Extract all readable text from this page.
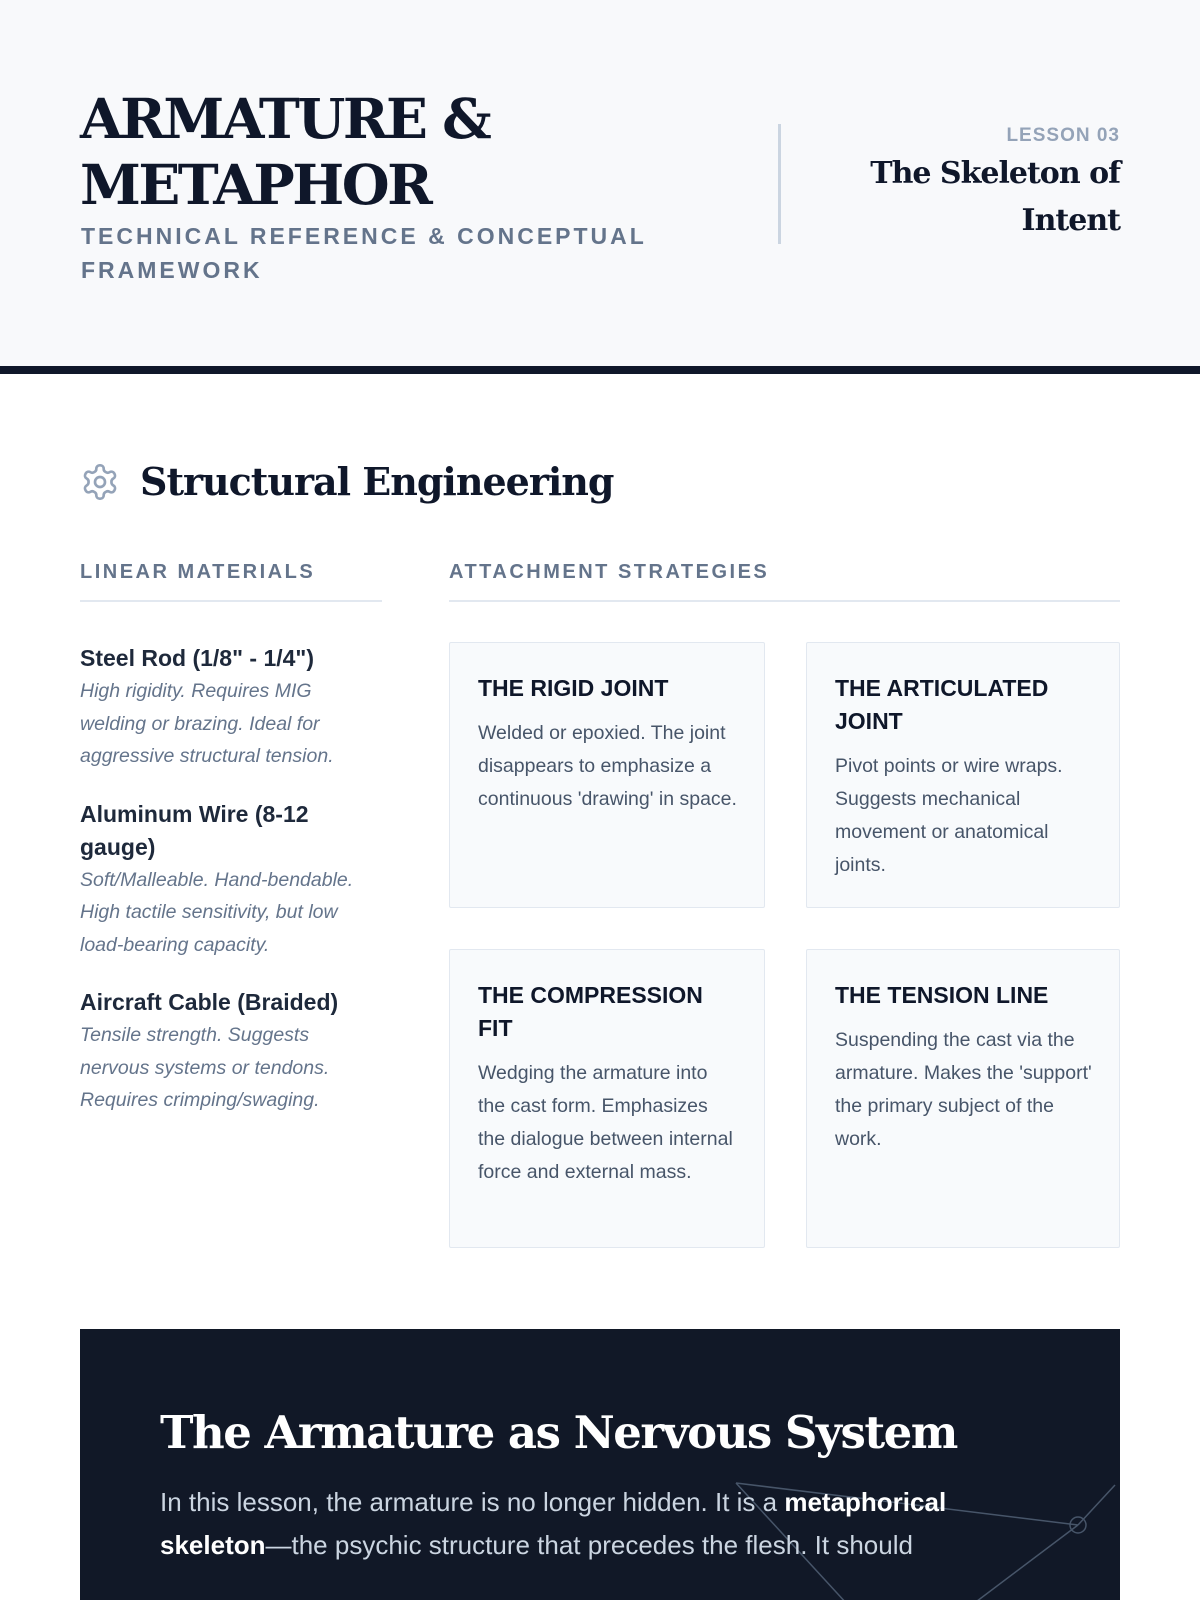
ARMATURE & METAPHOR
TECHNICAL REFERENCE & CONCEPTUAL FRAMEWORK
LESSON 03
The Skeleton of Intent
Structural Engineering
LINEAR MATERIALS	ATTACHMENT STRATEGIES
Steel Rod (1/8" - 1/4")
High rigidity. Requires MIG welding or brazing. Ideal for aggressive structural tension.
Aluminum Wire (8-12 gauge)
Soft/Malleable. Hand-bendable. High tactile sensitivity, but low load-bearing capacity.
Aircraft Cable (Braided)
Tensile strength. Suggests nervous systems or tendons. Requires crimping/swaging.
THE RIGID JOINT
Welded or epoxied. The joint disappears to emphasize a continuous 'drawing' in space.
THE ARTICULATED JOINT
Pivot points or wire wraps. Suggests mechanical movement or anatomical joints.
THE COMPRESSION FIT
Wedging the armature into the cast form. Emphasizes the dialogue between internal force and external mass.
THE TENSION LINE
Suspending the cast via the armature. Makes the 'support' the primary subject of the work.
The Armature as Nervous System

In this lesson, the armature is no longer hidden. It is a metaphorical skeleton—the psychic structure that precedes the flesh. It should
